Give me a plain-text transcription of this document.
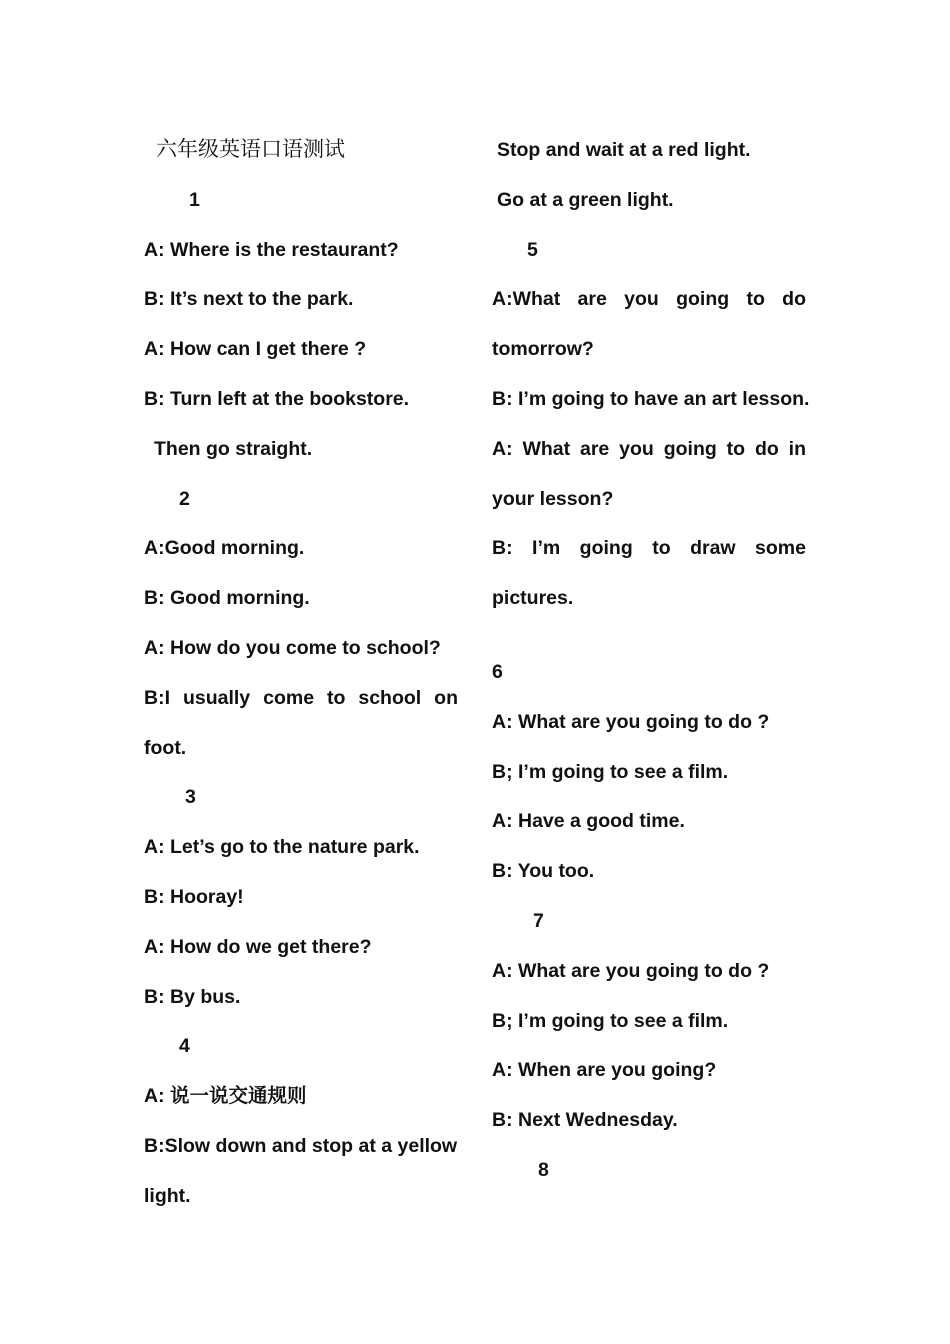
六年级英语口语测试
1
A: Where is the restaurant?
B: It’s next to the park.
A: How can I get there ?
B: Turn left at the bookstore.
Then go straight.
2
A:Good morning.
B: Good morning.
A: How do you come to school?
B:I usually come to school on
foot.
3
A: Let’s go to the nature park.
B: Hooray!
A: How do we get there?
B: By bus.
4
A: 说一说交通规则
B:Slow down and stop at a yellow
light.
Stop and wait at a red light.
Go at a green light.
5
A:What are you going to do
tomorrow?
B: I’m going to have an art lesson.
A: What are you going to do in
your lesson?
B: I’m going to draw some
pictures.
6
A: What are you going to do ?
B; I’m going to see a film.
A: Have a good time.
B: You too.
7
A: What are you going to do ?
B; I’m going to see a film.
A: When are you going?
B: Next Wednesday.
8
